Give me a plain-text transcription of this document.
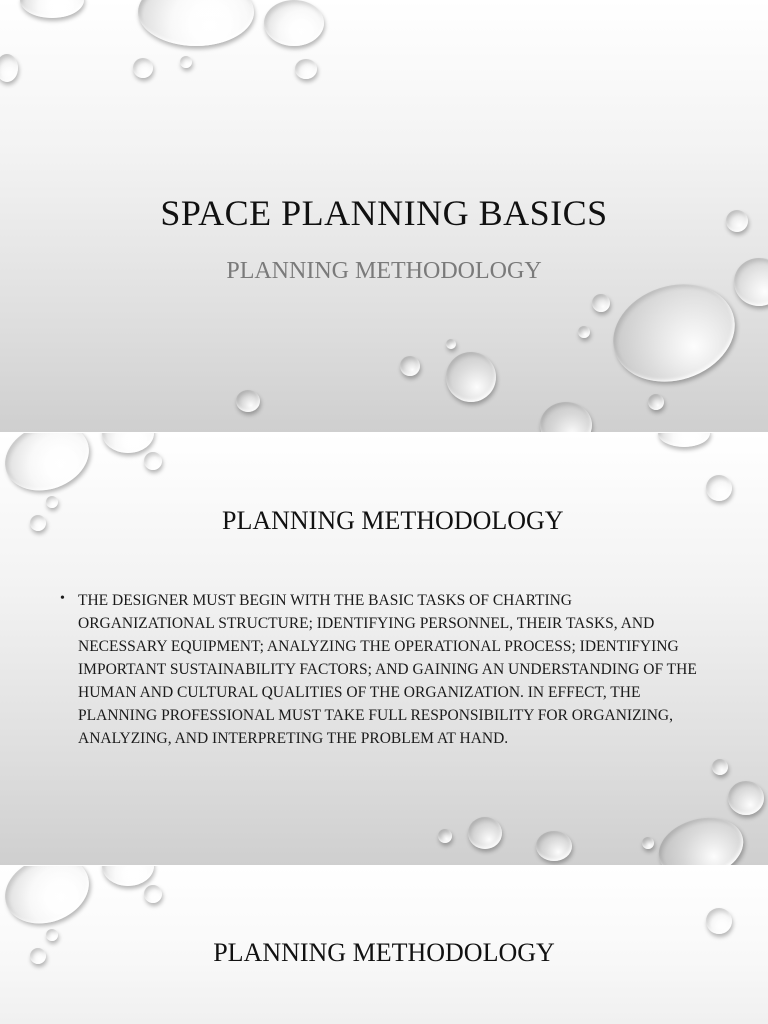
SPACE PLANNING BASICS
PLANNING METHODOLOGY
PLANNING METHODOLOGY
• THE DESIGNER MUST BEGIN WITH THE BASIC TASKS OF CHARTING ORGANIZATIONAL STRUCTURE; IDENTIFYING PERSONNEL, THEIR TASKS, AND NECESSARY EQUIPMENT; ANALYZING THE OPERATIONAL PROCESS; IDENTIFYING IMPORTANT SUSTAINABILITY FACTORS; AND GAINING AN UNDERSTANDING OF THE HUMAN AND CULTURAL QUALITIES OF THE ORGANIZATION. IN EFFECT, THE PLANNING PROFESSIONAL MUST TAKE FULL RESPONSIBILITY FOR ORGANIZING, ANALYZING, AND INTERPRETING THE PROBLEM AT HAND.
PLANNING METHODOLOGY
